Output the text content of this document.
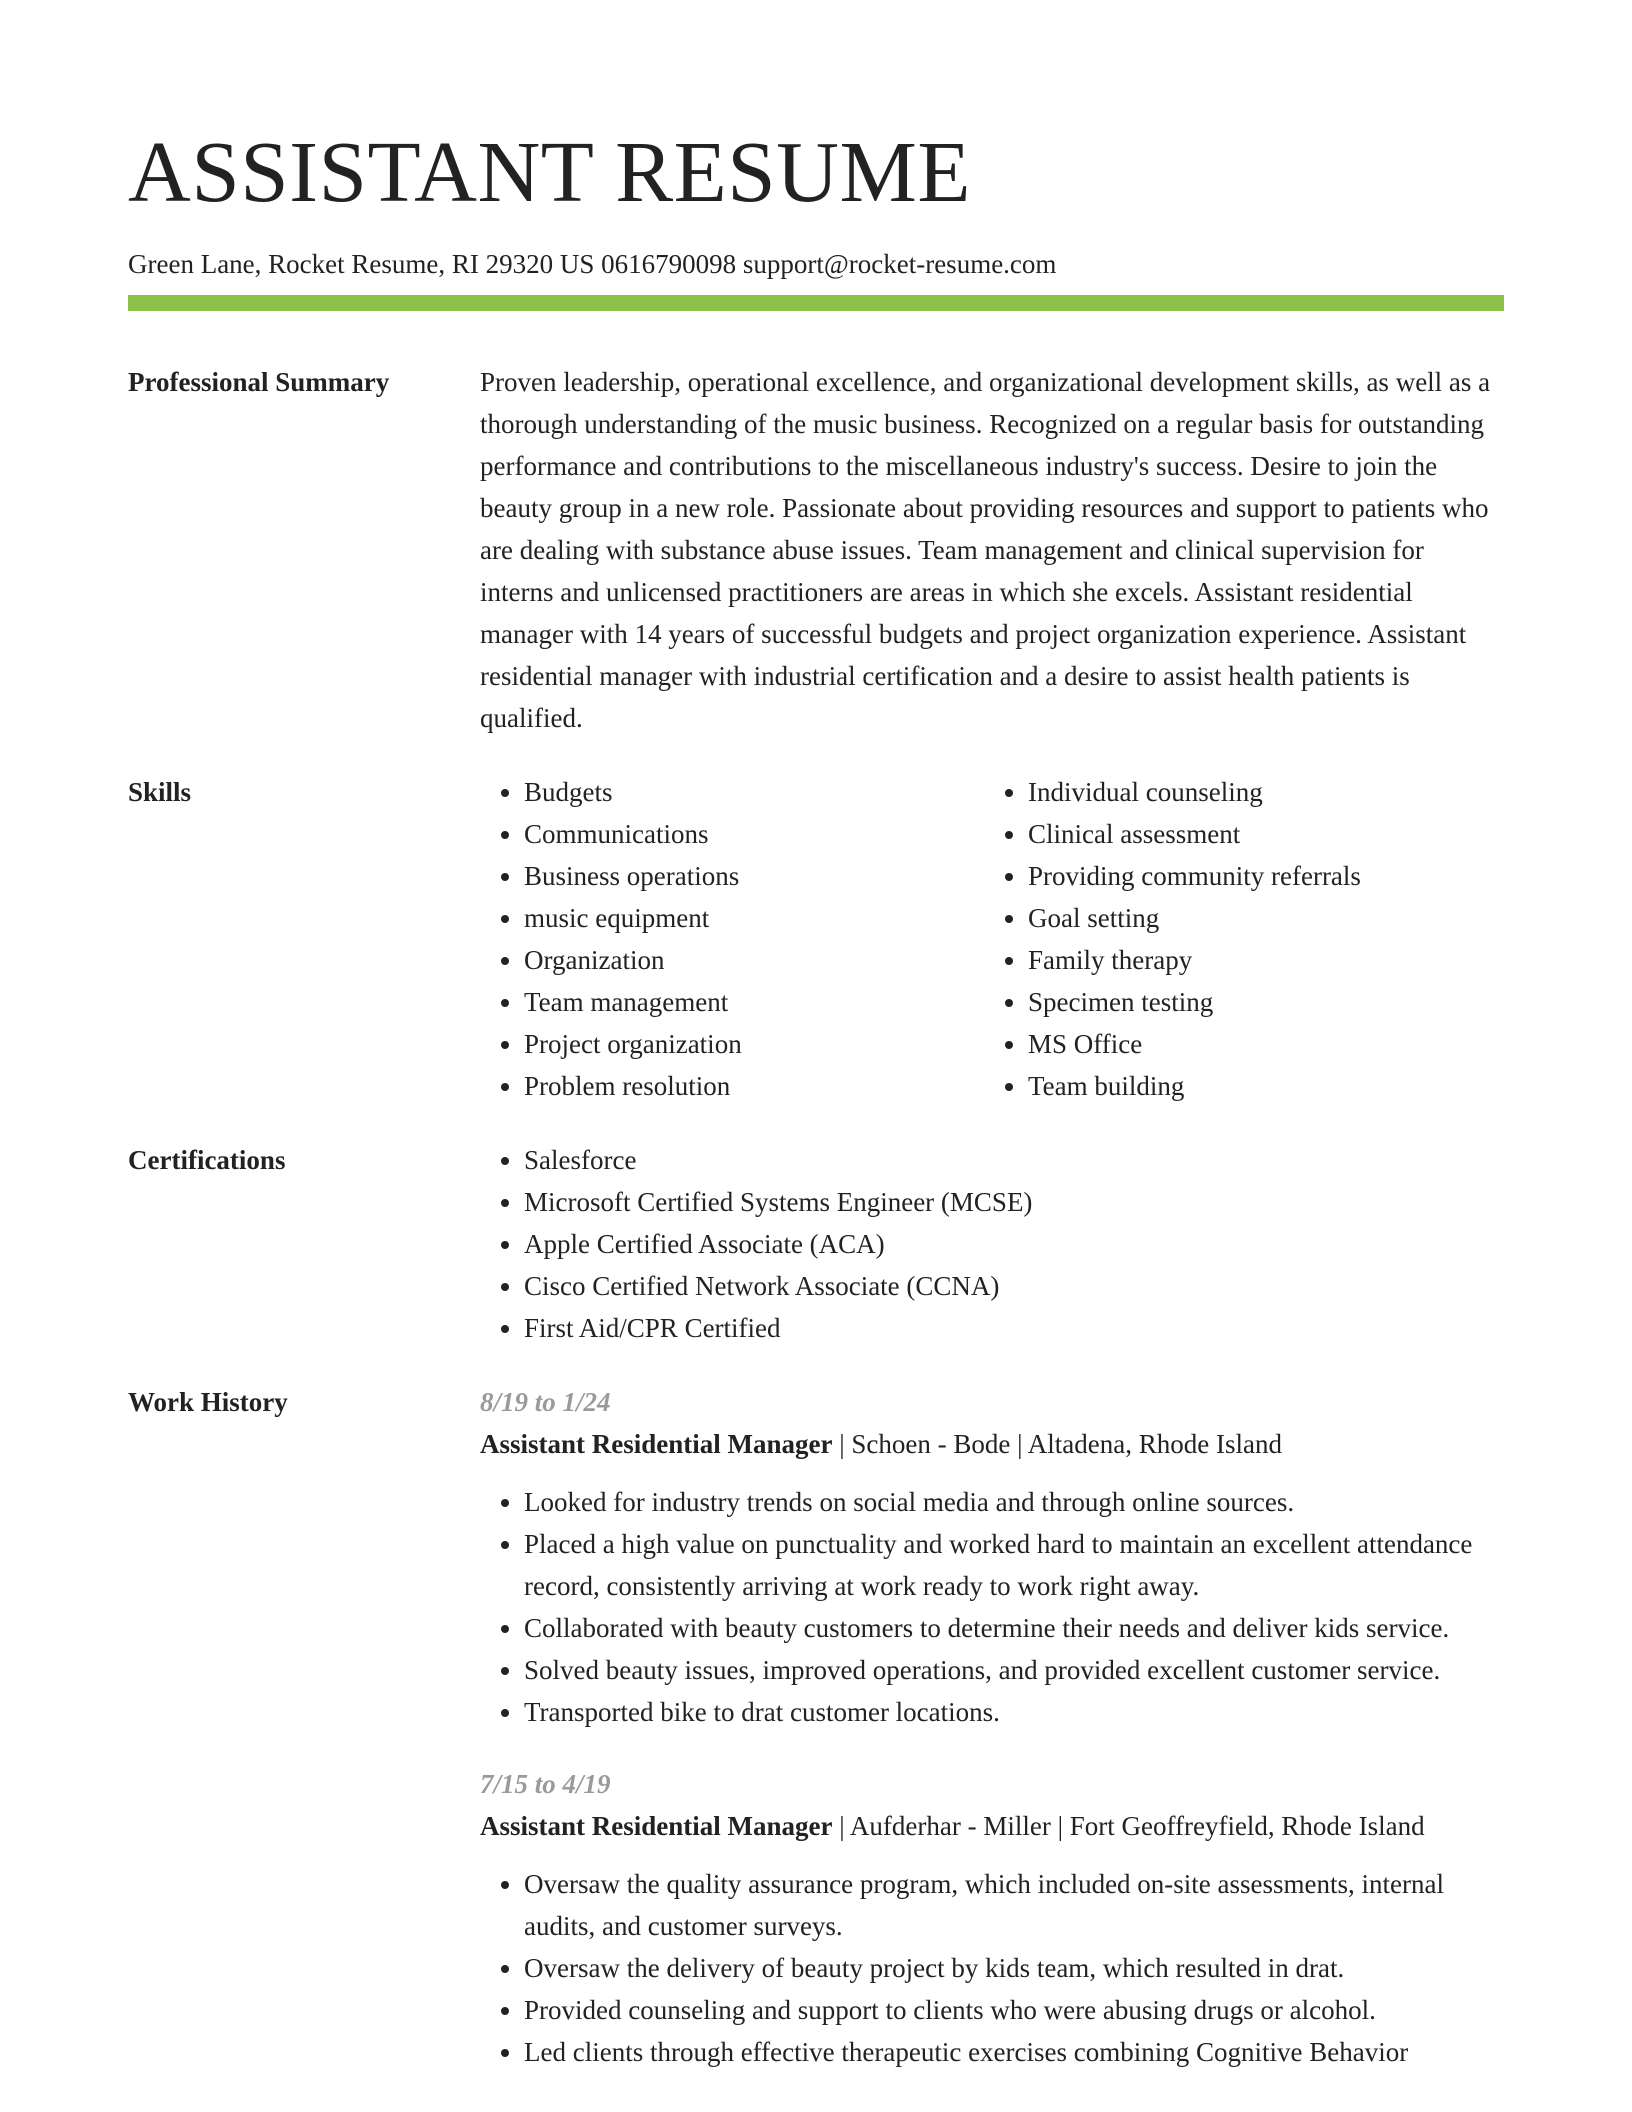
ASSISTANT RESUME
Green Lane, Rocket Resume, RI 29320 US 0616790098 support@rocket-resume.com
Professional Summary	Proven leadership, operational excellence, and organizational development skills, as well as a thorough understanding of the music business. Recognized on a regular basis for outstanding performance and contributions to the miscellaneous industry's success. Desire to join the beauty group in a new role. Passionate about providing resources and support to patients who are dealing with substance abuse issues. Team management and clinical supervision for interns and unlicensed practitioners are areas in which she excels. Assistant residential manager with 14 years of successful budgets and project organization experience. Assistant residential manager with industrial certification and a desire to assist health patients is qualified.

Skills	• Budgets
• Communications
• Business operations
• music equipment
• Organization
• Team management
• Project organization
• Problem resolution
• Individual counseling
• Clinical assessment
• Providing community referrals
• Goal setting
• Family therapy
• Specimen testing
• MS Office
• Team building
Certifications	• Salesforce
• Microsoft Certified Systems Engineer (MCSE)
• Apple Certified Associate (ACA)
• Cisco Certified Network Associate (CCNA)
• First Aid/CPR Certified
Work History	8/19 to 1/24
Assistant Residential Manager | Schoen - Bode | Altadena, Rhode Island
• Looked for industry trends on social media and through online sources.
• Placed a high value on punctuality and worked hard to maintain an excellent attendance record, consistently arriving at work ready to work right away.
• Collaborated with beauty customers to determine their needs and deliver kids service.
• Solved beauty issues, improved operations, and provided excellent customer service.
• Transported bike to drat customer locations.
7/15 to 4/19
Assistant Residential Manager | Aufderhar - Miller | Fort Geoffreyfield, Rhode Island
• Oversaw the quality assurance program, which included on-site assessments, internal audits, and customer surveys.
• Oversaw the delivery of beauty project by kids team, which resulted in drat.
• Provided counseling and support to clients who were abusing drugs or alcohol.
• Led clients through effective therapeutic exercises combining Cognitive Behavior
